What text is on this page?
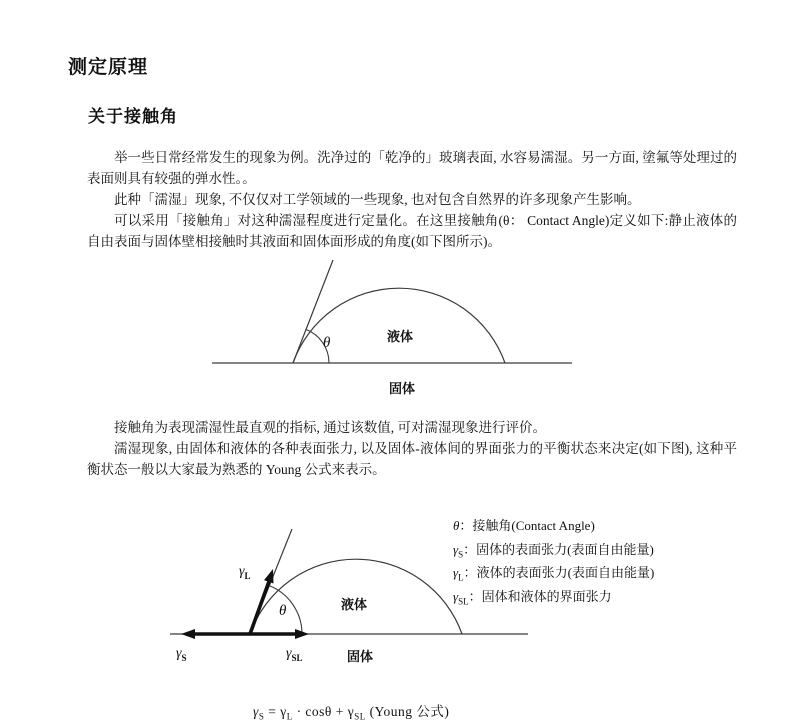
测定原理
关于接触角

举一些日常经常发生的现象为例。洗净过的「乾净的」玻璃表面, 水容易濡湿。另一方面, 塗氟等处理过的表面则具有较强的弹水性。。

此种「濡湿」现象, 不仅仅对工学领域的一些现象, 也对包含自然界的许多现象产生影响。

可以采用「接触角」对这种濡湿程度进行定量化。在这里接触角(θ： Contact Angle)定义如下:静止液体的自由表面与固体壁相接触时其液面和固体面形成的角度(如下图所示)。

θ	液体
固体

接触角为表现濡湿性最直观的指标, 通过该数值, 可对濡湿现象进行评价。

濡湿现象, 由固体和液体的各种表面张力, 以及固体-液体间的界面张力的平衡状态来决定(如下图), 这种平衡状态一般以大家最为熟悉的 Young 公式来表示。

θ
$\gamma_L$
$\gamma_S$	$\gamma_{SL}$
液体
固体
θ：接触角(Contact Angle)
$\gamma_S$：固体的表面张力(表面自由能量)
$\gamma_L$：液体的表面张力(表面自由能量)
$\gamma_{SL}$：固体和液体的界面张力
$\gamma_S = \gamma_L \cdot \cos\theta + \gamma_{SL}$ (Young 公式)
